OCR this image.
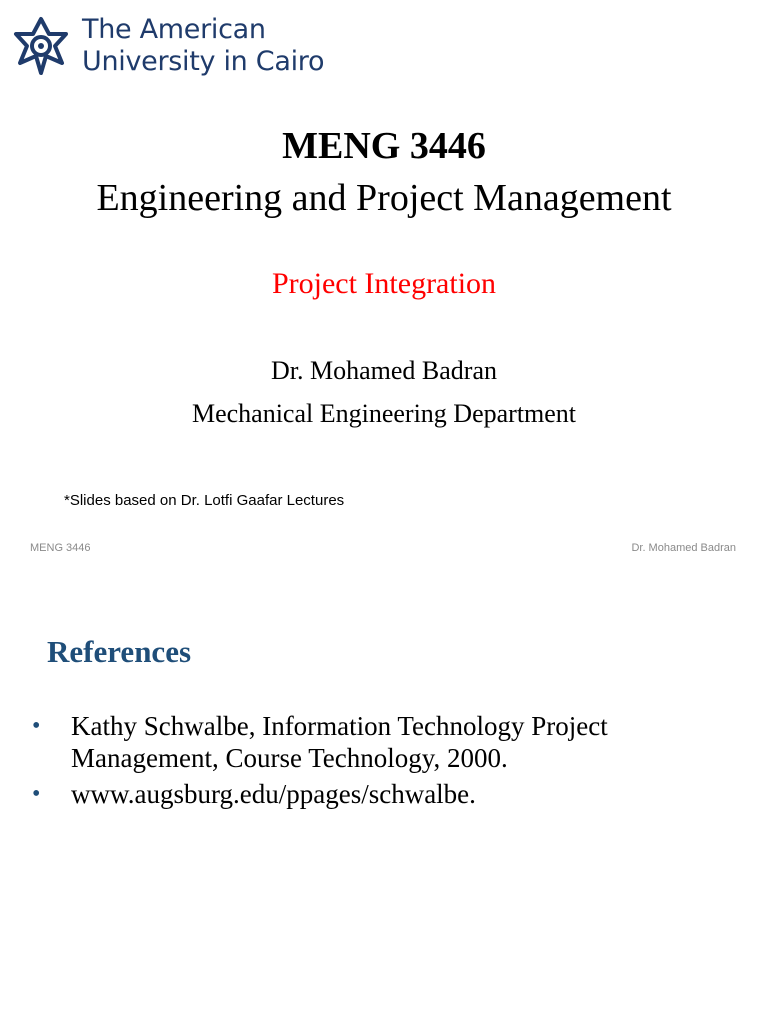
The American
University in Cairo
MENG 3446
Engineering and Project Management
Project Integration
Dr. Mohamed Badran
Mechanical Engineering Department
*Slides based on Dr. Lotfi Gaafar Lectures
MENG 3446	Dr. Mohamed Badran
References
• Kathy Schwalbe, Information Technology Project Management, Course Technology, 2000.
• www.augsburg.edu/ppages/schwalbe.
